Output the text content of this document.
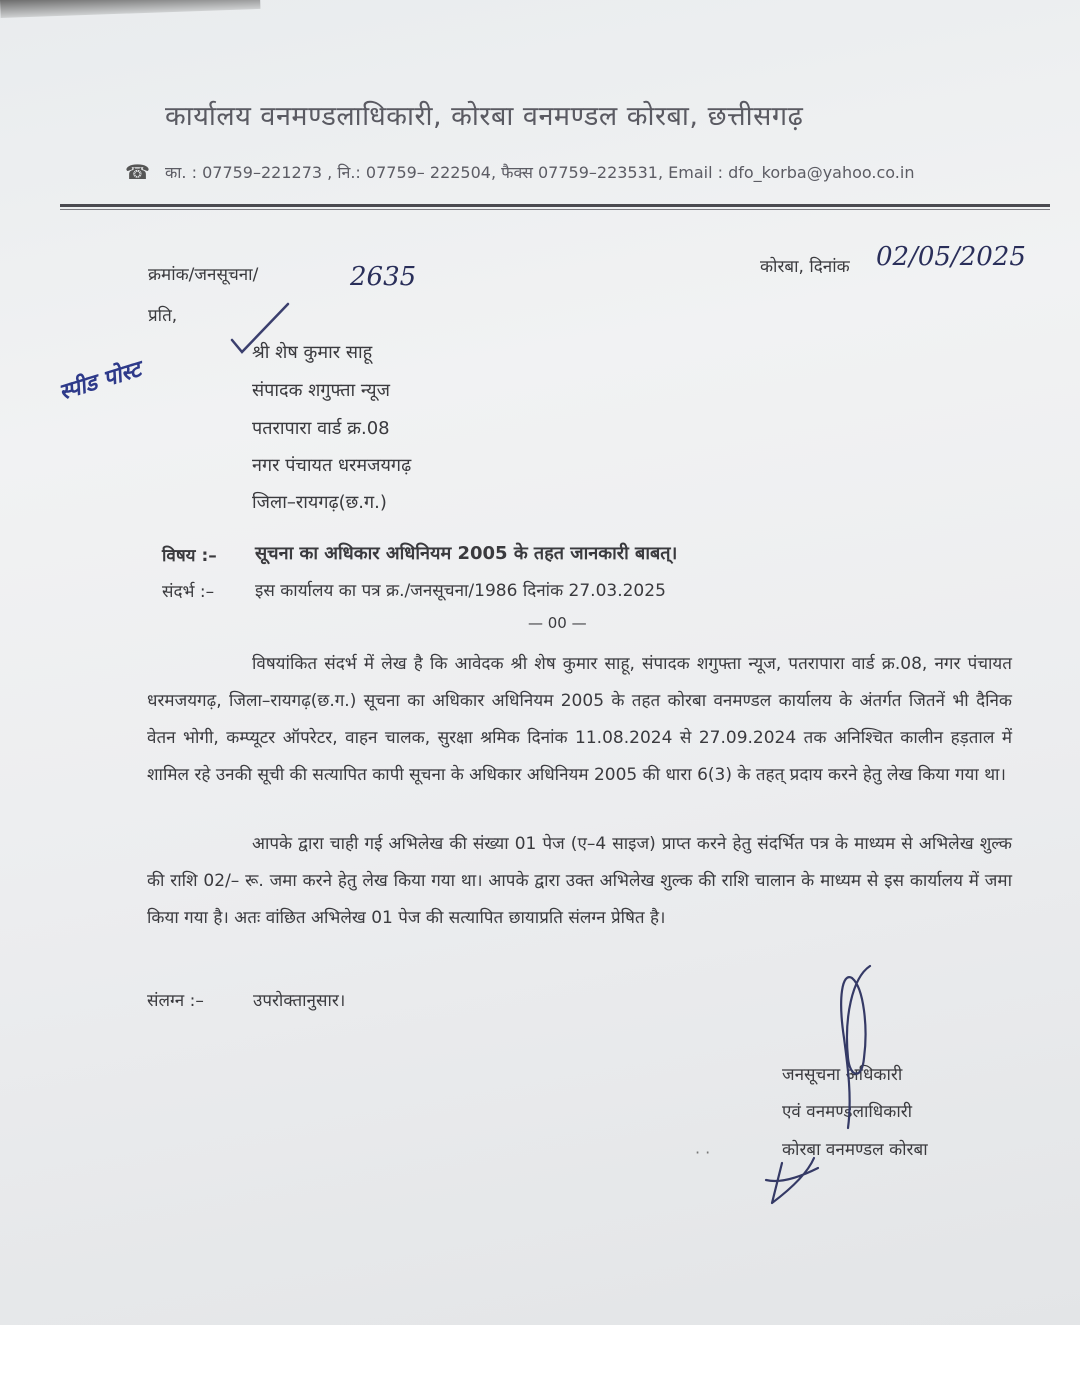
कार्यालय वनमण्डलाधिकारी, कोरबा वनमण्डल कोरबा, छत्तीसगढ़
☎ का. : 07759–221273 , नि.: 07759– 222504, फैक्स 07759–223531, Email : dfo_korba@yahoo.co.in
क्रमांक/जनसूचना/	2635	कोरबा, दिनांक 02/05/2025
प्रति,
स्पीड पोस्ट
श्री शेष कुमार साहू
संपादक शगुफ्ता न्यूज
पतरापारा वार्ड क्र.08
नगर पंचायत धरमजयगढ़
जिला–रायगढ़(छ.ग.)
विषय :– सूचना का अधिकार अधिनियम 2005 के तहत जानकारी बाबत्।
संदर्भ :– इस कार्यालय का पत्र क्र./जनसूचना/1986 दिनांक 27.03.2025
— 00 —
विषयांकित संदर्भ में लेख है कि आवेदक श्री शेष कुमार साहू, संपादक शगुफ्ता न्यूज, पतरापारा वार्ड क्र.08, नगर पंचायत धरमजयगढ़, जिला–रायगढ़(छ.ग.) सूचना का अधिकार अधिनियम 2005 के तहत कोरबा वनमण्डल कार्यालय के अंतर्गत जितनें भी दैनिक वेतन भोगी, कम्प्यूटर ऑपरेटर, वाहन चालक, सुरक्षा श्रमिक दिनांक 11.08.2024 से 27.09.2024 तक अनिश्चित कालीन हड़ताल में शामिल रहे उनकी सूची की सत्यापित कापी सूचना के अधिकार अधिनियम 2005 की धारा 6(3) के तहत् प्रदाय करने हेतु लेख किया गया था।
आपके द्वारा चाही गई अभिलेख की संख्या 01 पेज (ए–4 साइज) प्राप्त करने हेतु संदर्भित पत्र के माध्यम से अभिलेख शुल्क की राशि 02/– रू. जमा करने हेतु लेख किया गया था। आपके द्वारा उक्त अभिलेख शुल्क की राशि चालान के माध्यम से इस कार्यालय में जमा किया गया है। अतः वांछित अभिलेख 01 पेज की सत्यापित छायाप्रति संलग्न प्रेषित है।
संलग्न :–	उपरोक्तानुसार।
जनसूचना अधिकारी
एवं वनमण्डलाधिकारी
कोरबा वनमण्डल कोरबा
· ·
